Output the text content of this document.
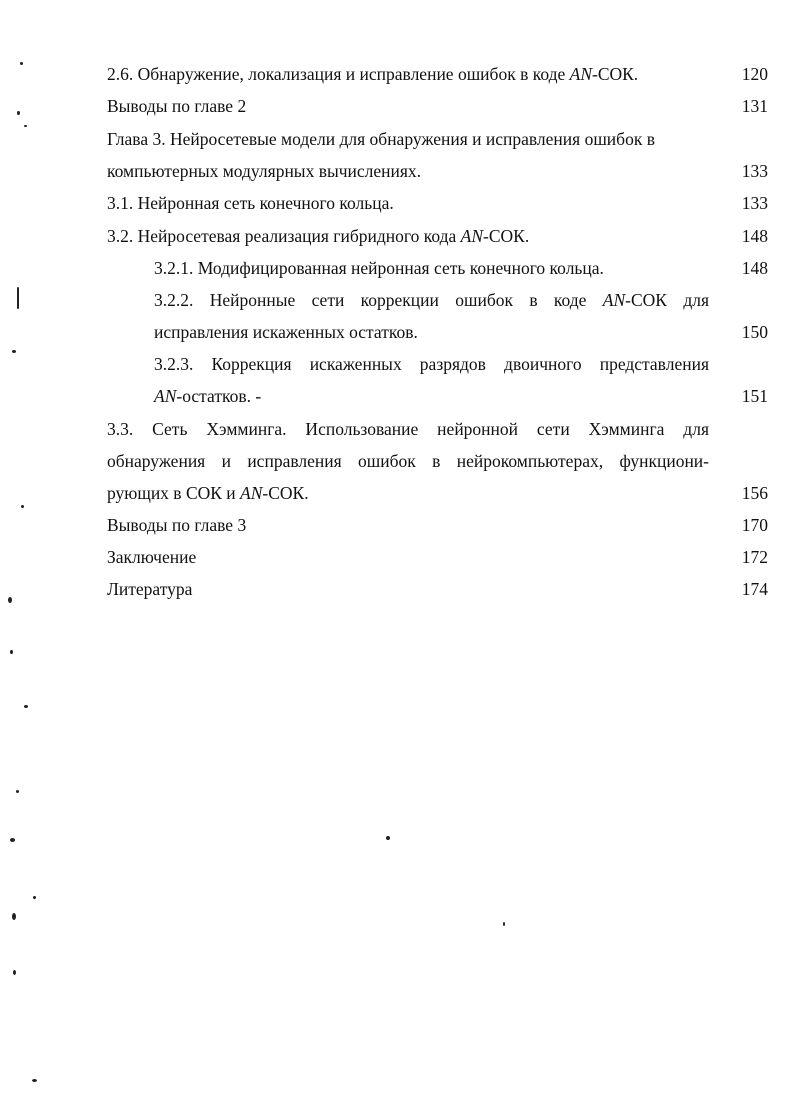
2.6. Обнаружение, локализация и исправление ошибок в коде AN-СОК.	120
Выводы по главе 2	131
Глава 3. Нейросетевые модели для обнаружения и исправления ошибок в
компьютерных модулярных вычислениях.	133
3.1. Нейронная сеть конечного кольца.	133
3.2. Нейросетевая реализация гибридного кода AN-СОК.	148
3.2.1. Модифицированная нейронная сеть конечного кольца.	148
3.2.2. Нейронные сети коррекции ошибок в коде AN-СОК для
исправления искаженных остатков.	150
3.2.3. Коррекция искаженных разрядов двоичного представления
AN-остатков. -	151
3.3. Сеть Хэмминга. Использование нейронной сети Хэмминга для
обнаружения и исправления ошибок в нейрокомпьютерах, функциони-
рующих в СОК и AN-СОК.	156
Выводы по главе 3	170
Заключение	172
Литература	174
